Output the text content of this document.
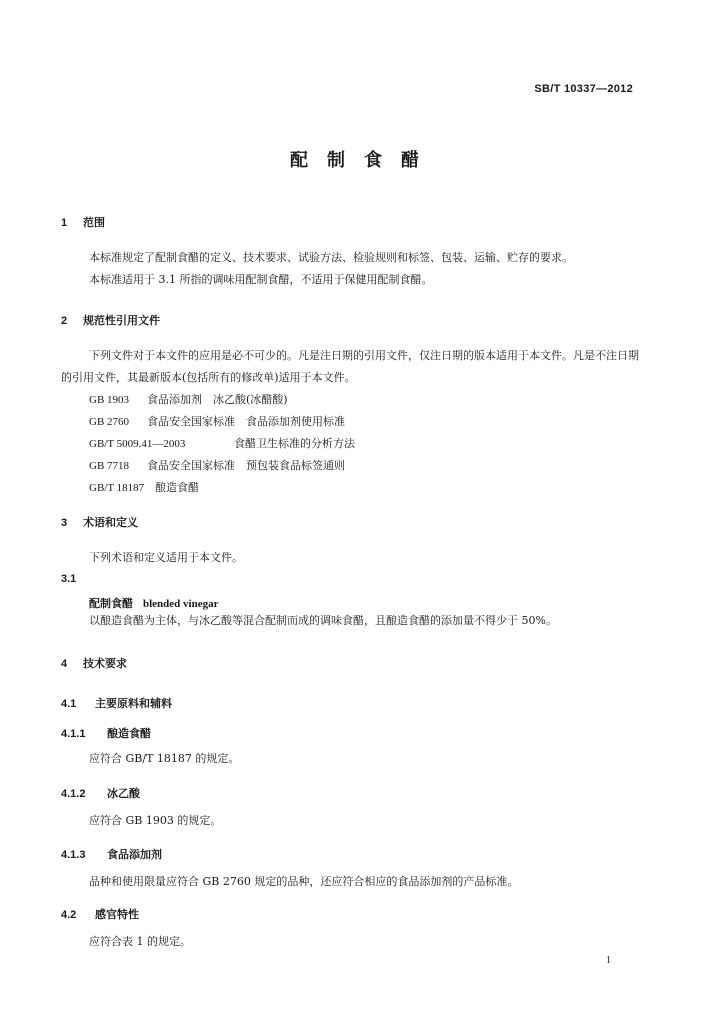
SB/T 10337—2012
配制食醋
1 范围
本标准规定了配制食醋的定义、技术要求、试验方法、检验规则和标签、包装、运输、贮存的要求。
本标准适用于 3.1 所指的调味用配制食醋，不适用于保健用配制食醋。
2 规范性引用文件
下列文件对于本文件的应用是必不可少的。凡是注日期的引用文件，仅注日期的版本适用于本文件。凡是不注日期的引用文件，其最新版本(包括所有的修改单)适用于本文件。
GB 1903 食品添加剂　冰乙酸(冰醋酸)
GB 2760 食品安全国家标准　食品添加剂使用标准
GB/T 5009.41—2003	食醋卫生标准的分析方法
GB 7718 食品安全国家标准　预包装食品标签通则
GB/T 18187 酿造食醋
3 术语和定义
下列术语和定义适用于本文件。
3.1
配制食醋 blended vinegar
以酿造食醋为主体，与冰乙酸等混合配制而成的调味食醋，且酿造食醋的添加量不得少于 50%。
4 技术要求
4.1 主要原料和辅料
4.1.1 酿造食醋
应符合 GB/T 18187 的规定。
4.1.2 冰乙酸
应符合 GB 1903 的规定。
4.1.3 食品添加剂
品种和使用限量应符合 GB 2760 规定的品种，还应符合相应的食品添加剂的产品标准。
4.2 感官特性
应符合表 1 的规定。
1
